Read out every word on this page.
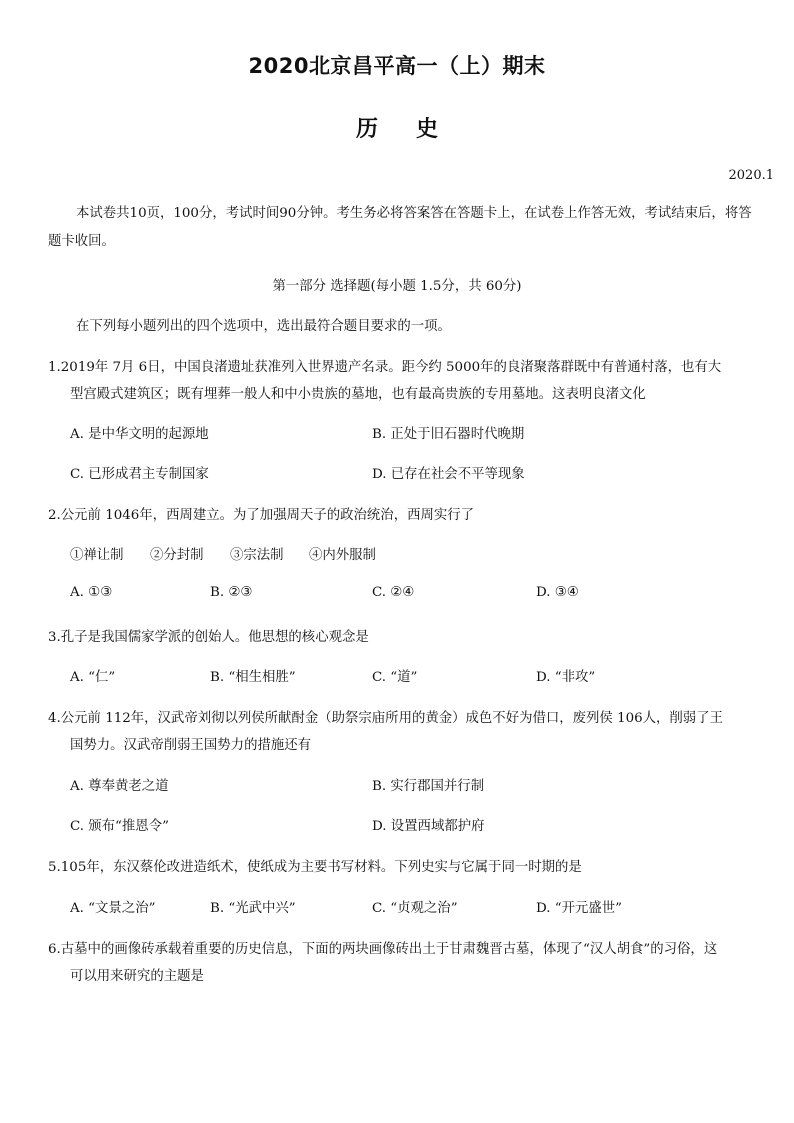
2020北京昌平高一（上）期末
历史
2020.1
本试卷共10页，100分，考试时间90分钟。考生务必将答案答在答题卡上，在试卷上作答无效，考试结束后，将答题卡收回。
第一部分 选择题(每小题 1.5分，共 60分)
在下列每小题列出的四个选项中，选出最符合题目要求的一项。
1.2019年 7月 6日，中国良渚遗址获准列入世界遗产名录。距今约 5000年的良渚聚落群既中有普通村落，也有大
型宫殿式建筑区；既有埋葬一般人和中小贵族的墓地，也有最高贵族的专用墓地。这表明良渚文化
A. 是中华文明的起源地	B. 正处于旧石器时代晚期
C. 已形成君主专制国家	D. 已存在社会不平等现象
2.公元前 1046年，西周建立。为了加强周天子的政治统治，西周实行了
①禅让制 ②分封制 ③宗法制 ④内外服制
A. ①③	B. ②③	C. ②④	D. ③④
3.孔子是我国儒家学派的创始人。他思想的核心观念是
A. “仁”	B. “相生相胜”	C. “道”	D. “非攻”
4.公元前 112年，汉武帝刘彻以列侯所献酎金（助祭宗庙所用的黄金）成色不好为借口，废列侯 106人，削弱了王
国势力。汉武帝削弱王国势力的措施还有
A. 尊奉黄老之道	B. 实行郡国并行制
C. 颁布“推恩令”	D. 设置西域都护府
5.105年，东汉蔡伦改进造纸术，使纸成为主要书写材料。下列史实与它属于同一时期的是
A. “文景之治”	B. “光武中兴”	C. “贞观之治”	D. “开元盛世”
6.古墓中的画像砖承载着重要的历史信息，下面的两块画像砖出土于甘肃魏晋古墓，体现了“汉人胡食”的习俗，这
可以用来研究的主题是
